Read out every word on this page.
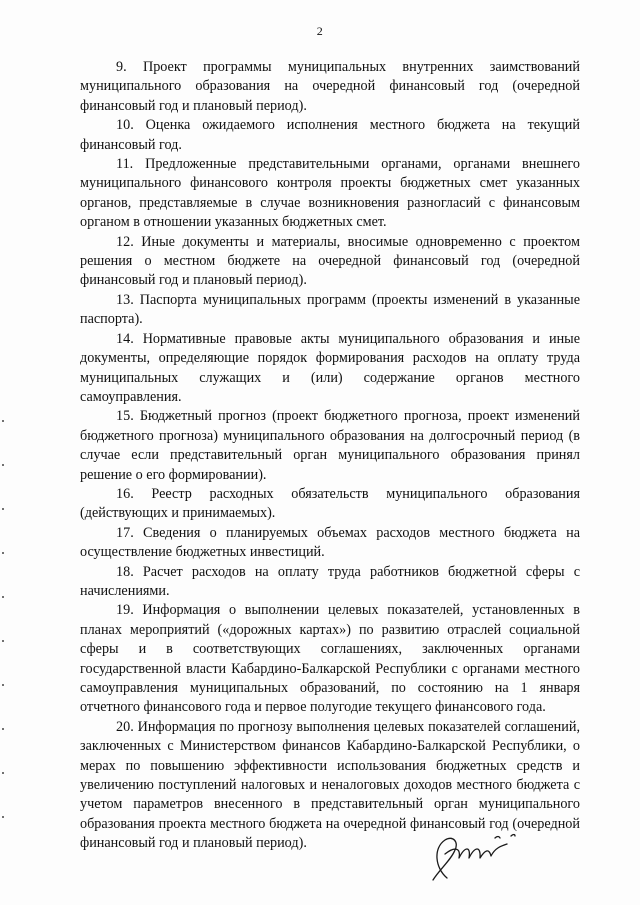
2

9. Проект программы муниципальных внутренних заимствований муниципального образования на очередной финансовый год (очередной финансовый год и плановый период).

10. Оценка ожидаемого исполнения местного бюджета на текущий финансовый год.

11. Предложенные представительными органами, органами внешнего муниципального финансового контроля проекты бюджетных смет указанных органов, представляемые в случае возникновения разногласий с финансовым органом в отношении указанных бюджетных смет.

12. Иные документы и материалы, вносимые одновременно с проектом решения о местном бюджете на очередной финансовый год (очередной финансовый год и плановый период).

13. Паспорта муниципальных программ (проекты изменений в указанные паспорта).

14. Нормативные правовые акты муниципального образования и иные документы, определяющие порядок формирования расходов на оплату труда муниципальных служащих и (или) содержание органов местного самоуправления.

15. Бюджетный прогноз (проект бюджетного прогноза, проект изменений бюджетного прогноза) муниципального образования на долгосрочный период (в случае если представительный орган муниципального образования принял решение о его формировании).

16. Реестр расходных обязательств муниципального образования (действующих и принимаемых).

17. Сведения о планируемых объемах расходов местного бюджета на осуществление бюджетных инвестиций.

18. Расчет расходов на оплату труда работников бюджетной сферы с начислениями.

19. Информация о выполнении целевых показателей, установленных в планах мероприятий («дорожных картах») по развитию отраслей социальной сферы и в соответствующих соглашениях, заключенных органами государственной власти Кабардино-Балкарской Республики с органами местного самоуправления муниципальных образований, по состоянию на 1 января отчетного финансового года и первое полугодие текущего финансового года.

20. Информация по прогнозу выполнения целевых показателей соглашений, заключенных с Министерством финансов Кабардино-Балкарской Республики, о мерах по повышению эффективности использования бюджетных средств и увеличению поступлений налоговых и неналоговых доходов местного бюджета с учетом параметров внесенного в представительный орган муниципального образования проекта местного бюджета на очередной финансовый год (очередной финансовый год и плановый период).
